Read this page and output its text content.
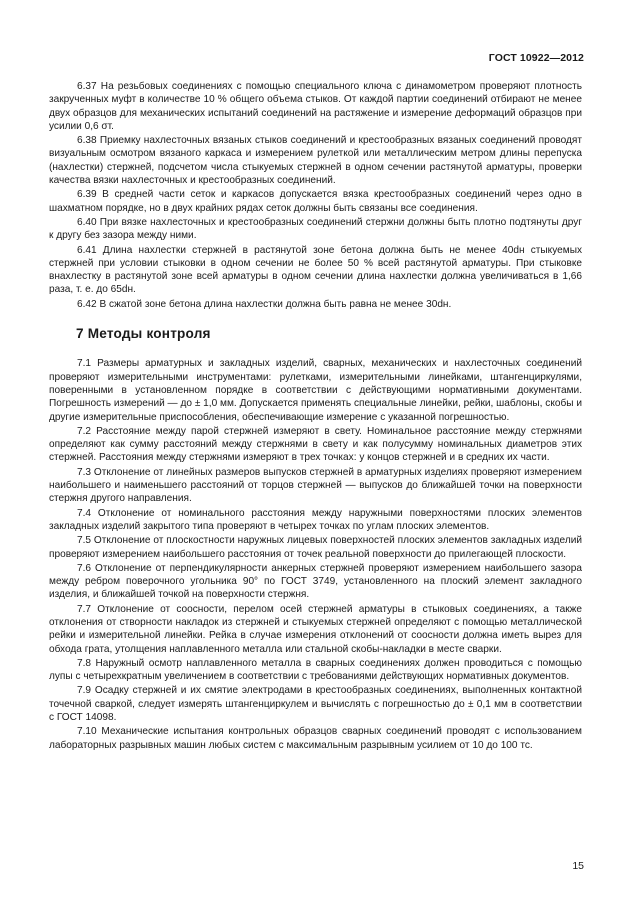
ГОСТ 10922—2012

6.37 На резьбовых соединениях с помощью специального ключа с динамометром проверяют плотность закрученных муфт в количестве 10 % общего объема стыков. От каждой партии соединений отбирают не менее двух образцов для механических испытаний соединений на растяжение и измерение деформаций образцов при усилии 0,6 σт.

6.38 Приемку нахлесточных вязаных стыков соединений и крестообразных вязаных соединений проводят визуальным осмотром вязаного каркаса и измерением рулеткой или металлическим метром длины перепуска (нахлестки) стержней, подсчетом числа стыкуемых стержней в одном сечении растянутой арматуры, проверки качества вязки нахлесточных и крестообразных соединений.

6.39 В средней части сеток и каркасов допускается вязка крестообразных соединений через одно в шахматном порядке, но в двух крайних рядах сеток должны быть связаны все соединения.

6.40 При вязке нахлесточных и крестообразных соединений стержни должны быть плотно подтянуты друг к другу без зазора между ними.

6.41 Длина нахлестки стержней в растянутой зоне бетона должна быть не менее 40dн стыкуемых стержней при условии стыковки в одном сечении не более 50 % всей растянутой арматуры. При стыковке внахлестку в растянутой зоне всей арматуры в одном сечении длина нахлестки должна увеличиваться в 1,66 раза, т. е. до 65dн.

6.42 В сжатой зоне бетона длина нахлестки должна быть равна не менее 30dн.

7 Методы контроля

7.1 Размеры арматурных и закладных изделий, сварных, механических и нахлесточных соединений проверяют измерительными инструментами: рулетками, измерительными линейками, штангенциркулями, поверенными в установленном порядке в соответствии с действующими нормативными документами. Погрешность измерений — до ± 1,0 мм. Допускается применять специальные линейки, рейки, шаблоны, скобы и другие измерительные приспособления, обеспечивающие измерение с указанной погрешностью.

7.2 Расстояние между парой стержней измеряют в свету. Номинальное расстояние между стержнями определяют как сумму расстояний между стержнями в свету и как полусумму номинальных диаметров этих стержней. Расстояния между стержнями измеряют в трех точках: у концов стержней и в средних их части.

7.3 Отклонение от линейных размеров выпусков стержней в арматурных изделиях проверяют измерением наибольшего и наименьшего расстояний от торцов стержней — выпусков до ближайшей точки на поверхности стержня другого направления.

7.4 Отклонение от номинального расстояния между наружными поверхностями плоских элементов закладных изделий закрытого типа проверяют в четырех точках по углам плоских элементов.

7.5 Отклонение от плоскостности наружных лицевых поверхностей плоских элементов закладных изделий проверяют измерением наибольшего расстояния от точек реальной поверхности до прилегающей плоскости.

7.6 Отклонение от перпендикулярности анкерных стержней проверяют измерением наибольшего зазора между ребром поверочного угольника 90° по ГОСТ 3749, установленного на плоский элемент закладного изделия, и ближайшей точкой на поверхности стержня.

7.7 Отклонение от соосности, перелом осей стержней арматуры в стыковых соединениях, а также отклонения от створности накладок из стержней и стыкуемых стержней определяют с помощью металлической рейки и измерительной линейки. Рейка в случае измерения отклонений от соосности должна иметь вырез для обхода грата, утолщения наплавленного металла или стальной скобы-накладки в месте сварки.

7.8 Наружный осмотр наплавленного металла в сварных соединениях должен проводиться с помощью лупы с четырехкратным увеличением в соответствии с требованиями действующих нормативных документов.

7.9 Осадку стержней и их смятие электродами в крестообразных соединениях, выполненных контактной точечной сваркой, следует измерять штангенциркулем и вычислять с погрешностью до ± 0,1 мм в соответствии с ГОСТ 14098.

7.10 Механические испытания контрольных образцов сварных соединений проводят с использованием лабораторных разрывных машин любых систем с максимальным разрывным усилием от 10 до 100 тс.

15
